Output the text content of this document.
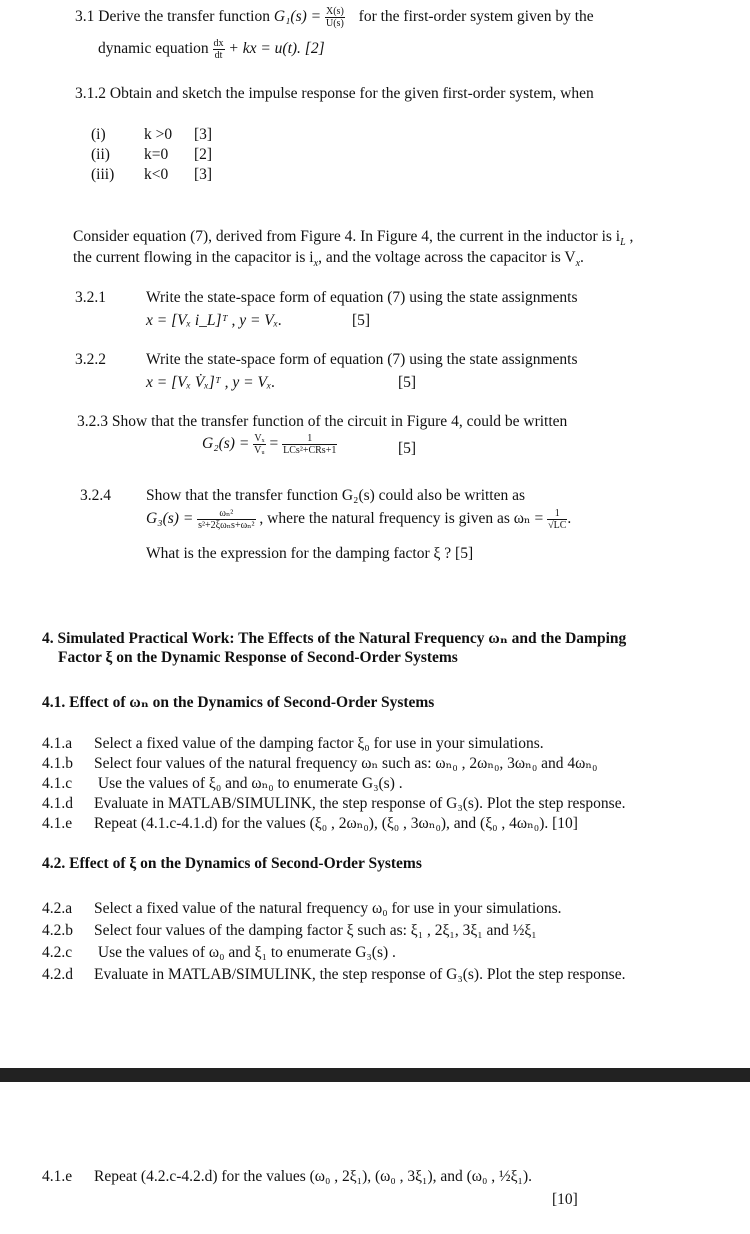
3.1 Derive the transfer function $G_1(s) = \frac{X(s)}{U(s)}$ for the first-order system given by the
dynamic equation $\frac{dx}{dt}$ + kx = u(t). [2]
3.1.2 Obtain and sketch the impulse response for the given first-order system, when
(i) k >0 [3]
(ii) k=0 [2]
(iii) k<0 [3]
Consider equation (7), derived from Figure 4. In Figure 4, the current in the inductor is $i_L$ ,
the current flowing in the capacitor is $i_x$, and the voltage across the capacitor is $V_x$.
3.2.1	Write the state-space form of equation (7) using the state assignments
x = [Vₓ i_L]ᵀ , y = Vₓ.	[5]
3.2.2	Write the state-space form of equation (7) using the state assignments
x = [Vₓ V̇ₓ]ᵀ , y = Vₓ.	[5]
3.2.3 Show that the transfer function of the circuit in Figure 4, could be written
$G_2(s) = \frac{\text{Vₓ}}{\text{Vᵤ}} = \frac{1}{\text{LCs²+CRs+1}}$	[5]
3.2.4 Show that the transfer function G₂(s) could also be written as
$G_3(s) = \frac{\text{ωₙ²}}{\text{s²+2ξωₙs+ωₙ²}}$ , where the natural frequency is given as $\omega_n = \frac{1}{√LC}$ .
What is the expression for the damping factor ξ ? [5]
4. Simulated Practical Work: The Effects of the Natural Frequency ωₙ and the Damping
Factor ξ on the Dynamic Response of Second-Order Systems
4.1. Effect of ωₙ on the Dynamics of Second-Order Systems
4.1.a Select a fixed value of the damping factor ξ₀ for use in your simulations.
4.1.b Select four values of the natural frequency ωₙ such as: ωₙ₀ , 2ωₙ₀, 3ωₙ₀ and 4ωₙ₀
4.1.c Use the values of ξ₀ and ωₙ₀ to enumerate G₃(s) .
4.1.d Evaluate in MATLAB/SIMULINK, the step response of G₃(s). Plot the step response.
4.1.e Repeat (4.1.c-4.1.d) for the values (ξ₀ , 2ωₙ₀), (ξ₀ , 3ωₙ₀), and (ξ₀ , 4ωₙ₀). [10]
4.2. Effect of ξ on the Dynamics of Second-Order Systems
4.2.a Select a fixed value of the natural frequency ω₀ for use in your simulations.
4.2.b Select four values of the damping factor ξ such as: ξ₁ , 2ξ₁, 3ξ₁ and ½ξ₁
4.2.c Use the values of ω₀ and ξ₁ to enumerate G₃(s) .
4.2.d Evaluate in MATLAB/SIMULINK, the step response of G₃(s). Plot the step response.
4.1.e Repeat (4.2.c-4.2.d) for the values (ω₀ , 2ξ₁), (ω₀ , 3ξ₁), and (ω₀ , ½ξ₁).
[10]
